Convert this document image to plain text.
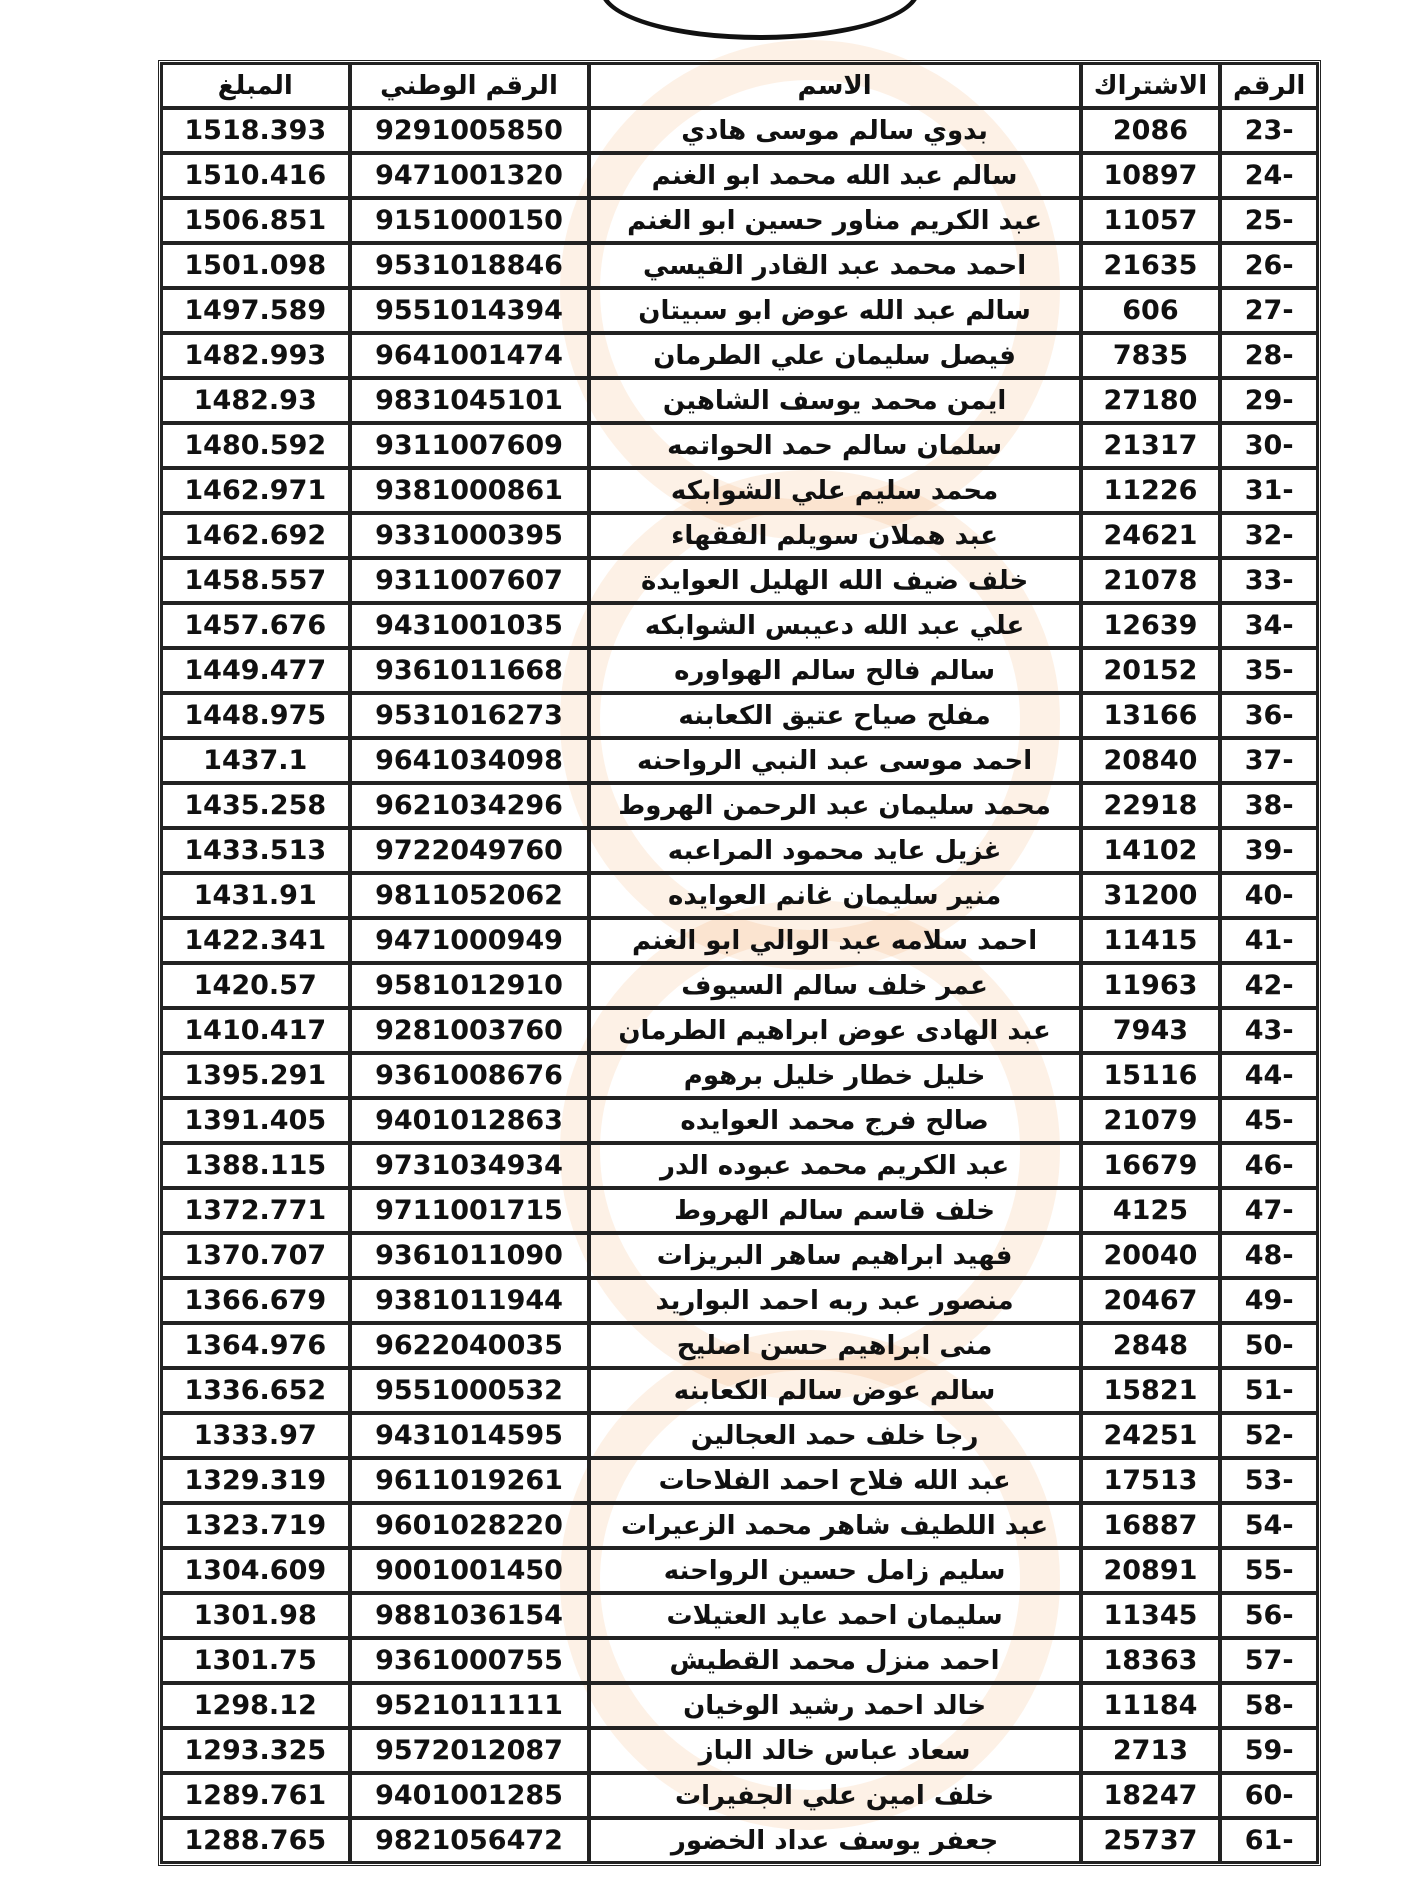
الرقم	الاشتراك	الاسم	الرقم الوطني	المبلغ
-23	2086	بدوي سالم موسى هادي	9291005850	1518.393
-24	10897	سالم عبد الله محمد ابو الغنم	9471001320	1510.416
-25	11057	عبد الكريم مناور حسين ابو الغنم	9151000150	1506.851
-26	21635	احمد محمد عبد القادر القيسي	9531018846	1501.098
-27	606	سالم عبد الله عوض ابو سبيتان	9551014394	1497.589
-28	7835	فيصل سليمان علي الطرمان	9641001474	1482.993
-29	27180	ايمن محمد يوسف الشاهين	9831045101	1482.93
-30	21317	سلمان سالم حمد الحواتمه	9311007609	1480.592
-31	11226	محمد سليم علي الشوابكه	9381000861	1462.971
-32	24621	عبد هملان سويلم الفقهاء	9331000395	1462.692
-33	21078	خلف ضيف الله الهليل العوايدة	9311007607	1458.557
-34	12639	علي عبد الله دعيبس الشوابكه	9431001035	1457.676
-35	20152	سالم فالح سالم الهواوره	9361011668	1449.477
-36	13166	مفلح صياح عتيق الكعابنه	9531016273	1448.975
-37	20840	احمد موسى عبد النبي الرواحنه	9641034098	1437.1
-38	22918	محمد سليمان عبد الرحمن الهروط	9621034296	1435.258
-39	14102	غزيل عايد محمود المراعبه	9722049760	1433.513
-40	31200	منير سليمان غانم العوايده	9811052062	1431.91
-41	11415	احمد سلامه عبد الوالي ابو الغنم	9471000949	1422.341
-42	11963	عمر خلف سالم السيوف	9581012910	1420.57
-43	7943	عبد الهادى عوض ابراهيم الطرمان	9281003760	1410.417
-44	15116	خليل خطار خليل برهوم	9361008676	1395.291
-45	21079	صالح فرج محمد العوايده	9401012863	1391.405
-46	16679	عبد الكريم محمد عبوده الدر	9731034934	1388.115
-47	4125	خلف قاسم سالم الهروط	9711001715	1372.771
-48	20040	فهيد ابراهيم ساهر البريزات	9361011090	1370.707
-49	20467	منصور عبد ربه احمد البواريد	9381011944	1366.679
-50	2848	منى ابراهيم حسن اصليح	9622040035	1364.976
-51	15821	سالم عوض سالم الكعابنه	9551000532	1336.652
-52	24251	رجا خلف حمد العجالين	9431014595	1333.97
-53	17513	عبد الله فلاح احمد الفلاحات	9611019261	1329.319
-54	16887	عبد اللطيف شاهر محمد الزعيرات	9601028220	1323.719
-55	20891	سليم زامل حسين الرواحنه	9001001450	1304.609
-56	11345	سليمان احمد عايد العتيلات	9881036154	1301.98
-57	18363	احمد منزل محمد القطيش	9361000755	1301.75
-58	11184	خالد احمد رشيد الوخيان	9521011111	1298.12
-59	2713	سعاد عباس خالد الباز	9572012087	1293.325
-60	18247	خلف امين علي الجفيرات	9401001285	1289.761
-61	25737	جعفر يوسف عداد الخضور	9821056472	1288.765
